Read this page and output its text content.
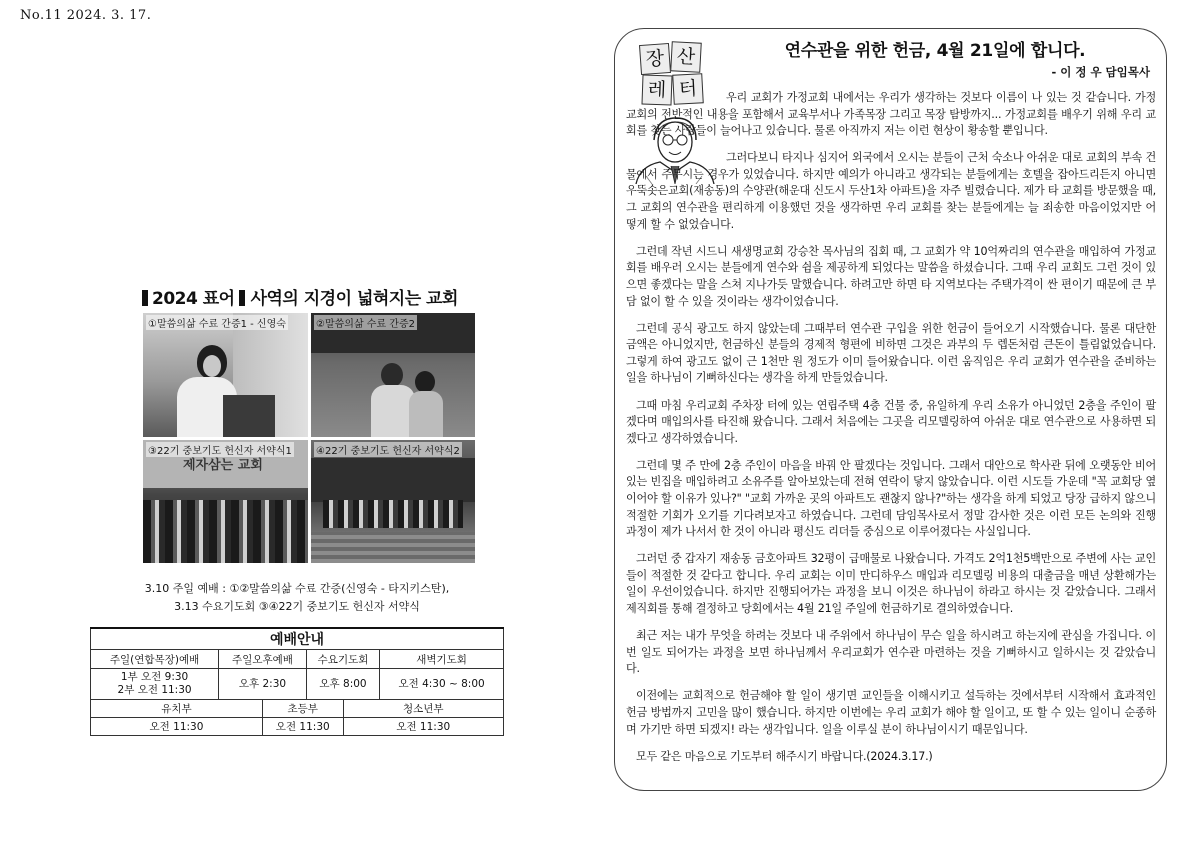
No.11 2024. 3. 17.
2024 표어 사역의 지경이 넓혀지는 교회
①말씀의삶 수료 간증1 - 신영숙	②말씀의삶 수료 간증2
제자삼는 교회
③22기 중보기도 헌신자 서약식1 ④22기 중보기도 헌신자 서약식2
3.10 주일 예배 : ①②말씀의삶 수료 간증(신영숙 - 타지키스탄),
3.13 수요기도회 ③④22기 중보기도 헌신자 서약식
예배안내					
주일(연합목장)예배	주일오후예배		수요기도회		새벽기도회

1부 오전 9:30
2부 오전 11:30	오후 2:30		오후 8:00		오전 4:30 ~ 8:00
유치부		초등부		청소년부	
오전 11:30		오전 11:30		오전 11:30	
장 산
레 터
연수관을 위한 헌금, 4월 21일에 합니다.
- 이 정 우 담임목사

우리 교회가 가정교회 내에서는 우리가 생각하는 것보다 이름이 나 있는 것 같습니다. 가정교회의 전반적인 내용을 포함해서 교육부서나 가족목장 그리고 목장 탐방까지... 가정교회를 배우기 위해 우리 교회를 찾는 사람들이 늘어나고 있습니다. 물론 아직까지 저는 이런 현상이 황송할 뿐입니다.

그러다보니 타지나 심지어 외국에서 오시는 분들이 근처 숙소나 아쉬운 대로 교회의 부속 건물에서 주무시는 경우가 있었습니다. 하지만 예의가 아니라고 생각되는 분들에게는 호텔을 잡아드리든지 아니면 우뚝솟은교회(재송동)의 수양관(해운대 신도시 두산1차 아파트)을 자주 빌렸습니다. 제가 타 교회를 방문했을 때, 그 교회의 연수관을 편리하게 이용했던 것을 생각하면 우리 교회를 찾는 분들에게는 늘 죄송한 마음이었지만 어떻게 할 수 없었습니다.

그런데 작년 시드니 새생명교회 강승찬 목사님의 집회 때, 그 교회가 약 10억짜리의 연수관을 매입하여 가정교회를 배우러 오시는 분들에게 연수와 쉼을 제공하게 되었다는 말씀을 하셨습니다. 그때 우리 교회도 그런 것이 있으면 좋겠다는 말을 스쳐 지나가듯 말했습니다. 하려고만 하면 타 지역보다는 주택가격이 싼 편이기 때문에 큰 부담 없이 할 수 있을 것이라는 생각이었습니다.

그런데 공식 광고도 하지 않았는데 그때부터 연수관 구입을 위한 헌금이 들어오기 시작했습니다. 물론 대단한 금액은 아니었지만, 헌금하신 분들의 경제적 형편에 비하면 그것은 과부의 두 렙돈처럼 큰돈이 틀림없었습니다. 그렇게 하여 광고도 없이 근 1천만 원 정도가 이미 들어왔습니다. 이런 움직임은 우리 교회가 연수관을 준비하는 일을 하나님이 기뻐하신다는 생각을 하게 만들었습니다.

그때 마침 우리교회 주차장 터에 있는 연립주택 4층 건물 중, 유일하게 우리 소유가 아니었던 2층을 주인이 팔겠다며 매입의사를 타진해 왔습니다. 그래서 처음에는 그곳을 리모델링하여 아쉬운 대로 연수관으로 사용하면 되겠다고 생각하였습니다.

그런데 몇 주 만에 2층 주인이 마음을 바꿔 안 팔겠다는 것입니다. 그래서 대안으로 학사관 뒤에 오랫동안 비어있는 빈집을 매입하려고 소유주를 알아보았는데 전혀 연락이 닿지 않았습니다. 이런 시도들 가운데 "꼭 교회당 옆이어야 할 이유가 있나?" "교회 가까운 곳의 아파트도 괜찮지 않나?"하는 생각을 하게 되었고 당장 급하지 않으니 적절한 기회가 오기를 기다려보자고 하였습니다. 그런데 담임목사로서 정말 감사한 것은 이런 모든 논의와 진행 과정이 제가 나서서 한 것이 아니라 평신도 리더들 중심으로 이루어졌다는 사실입니다.

그러던 중 갑자기 재송동 금호아파트 32평이 급매물로 나왔습니다. 가격도 2억1천5백만으로 주변에 사는 교인들이 적절한 것 같다고 합니다. 우리 교회는 이미 만디하우스 매입과 리모델링 비용의 대출금을 매년 상환해가는 일이 우선이었습니다. 하지만 진행되어가는 과정을 보니 이것은 하나님이 하라고 하시는 것 같았습니다. 그래서 제직회를 통해 결정하고 당회에서는 4월 21일 주일에 헌금하기로 결의하였습니다.

최근 저는 내가 무엇을 하려는 것보다 내 주위에서 하나님이 무슨 일을 하시려고 하는지에 관심을 가집니다. 이번 일도 되어가는 과정을 보면 하나님께서 우리교회가 연수관 마련하는 것을 기뻐하시고 일하시는 것 같았습니다.

이전에는 교회적으로 헌금해야 할 일이 생기면 교인들을 이해시키고 설득하는 것에서부터 시작해서 효과적인 헌금 방법까지 고민을 많이 했습니다. 하지만 이번에는 우리 교회가 해야 할 일이고, 또 할 수 있는 일이니 순종하며 가기만 하면 되겠지! 라는 생각입니다. 일을 이루실 분이 하나님이시기 때문입니다.

모두 같은 마음으로 기도부터 해주시기 바랍니다.(2024.3.17.)
